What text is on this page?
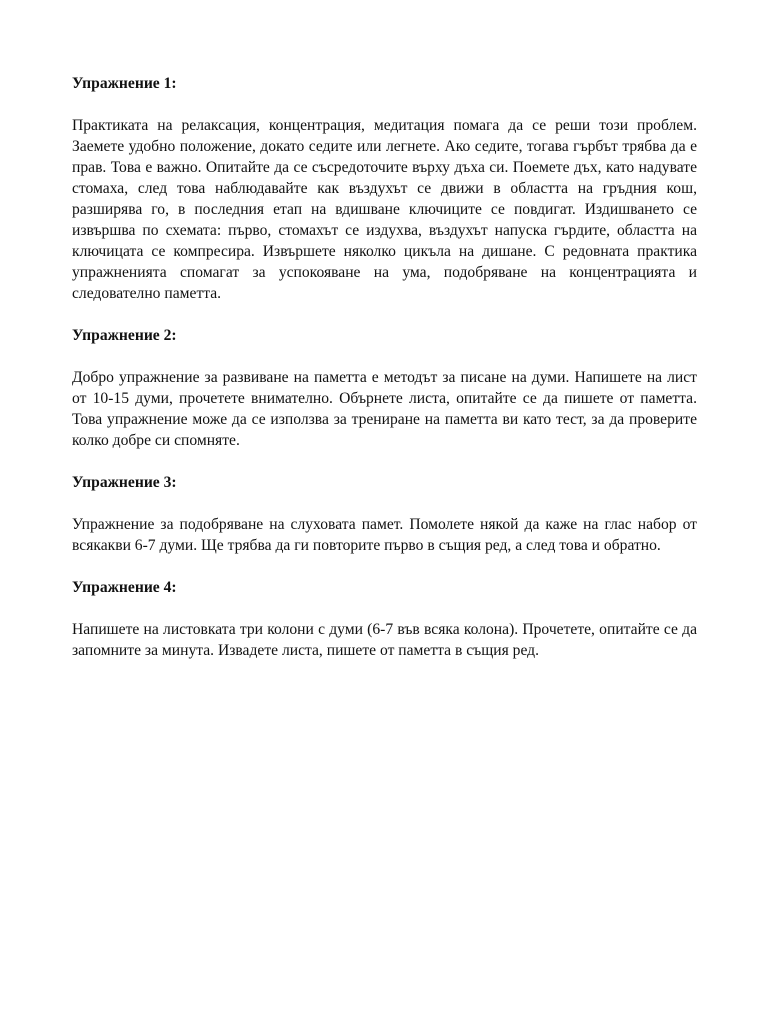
Упражнение 1:

Практиката на релаксация, концентрация, медитация помага да се реши този проблем. Заемете удобно положение, докато седите или легнете. Ако седите, тогава гърбът трябва да е прав. Това е важно. Опитайте да се съсредоточите върху дъха си. Поемете дъх, като надувате стомаха, след това наблюдавайте как въздухът се движи в областта на гръдния кош, разширява го, в последния етап на вдишване ключиците се повдигат. Издишването се извършва по схемата: първо, стомахът се издухва, въздухът напуска гърдите, областта на ключицата се компресира. Извършете няколко цикъла на дишане. С редовната практика упражненията спомагат за успокояване на ума, подобряване на концентрацията и следователно паметта.

Упражнение 2:

Добро упражнение за развиване на паметта е методът за писане на думи. Напишете на лист от 10-15 думи, прочетете внимателно. Обърнете листа, опитайте се да пишете от паметта. Това упражнение може да се използва за трениране на паметта ви като тест, за да проверите колко добре си спомняте.

Упражнение 3:

Упражнение за подобряване на слуховата памет. Помолете някой да каже на глас набор от всякакви 6-7 думи. Ще трябва да ги повторите първо в същия ред, а след това и обратно.

Упражнение 4:

Напишете на листовката три колони с думи (6-7 във всяка колона). Прочетете, опитайте се да запомните за минута. Извадете листа, пишете от паметта в същия ред.
